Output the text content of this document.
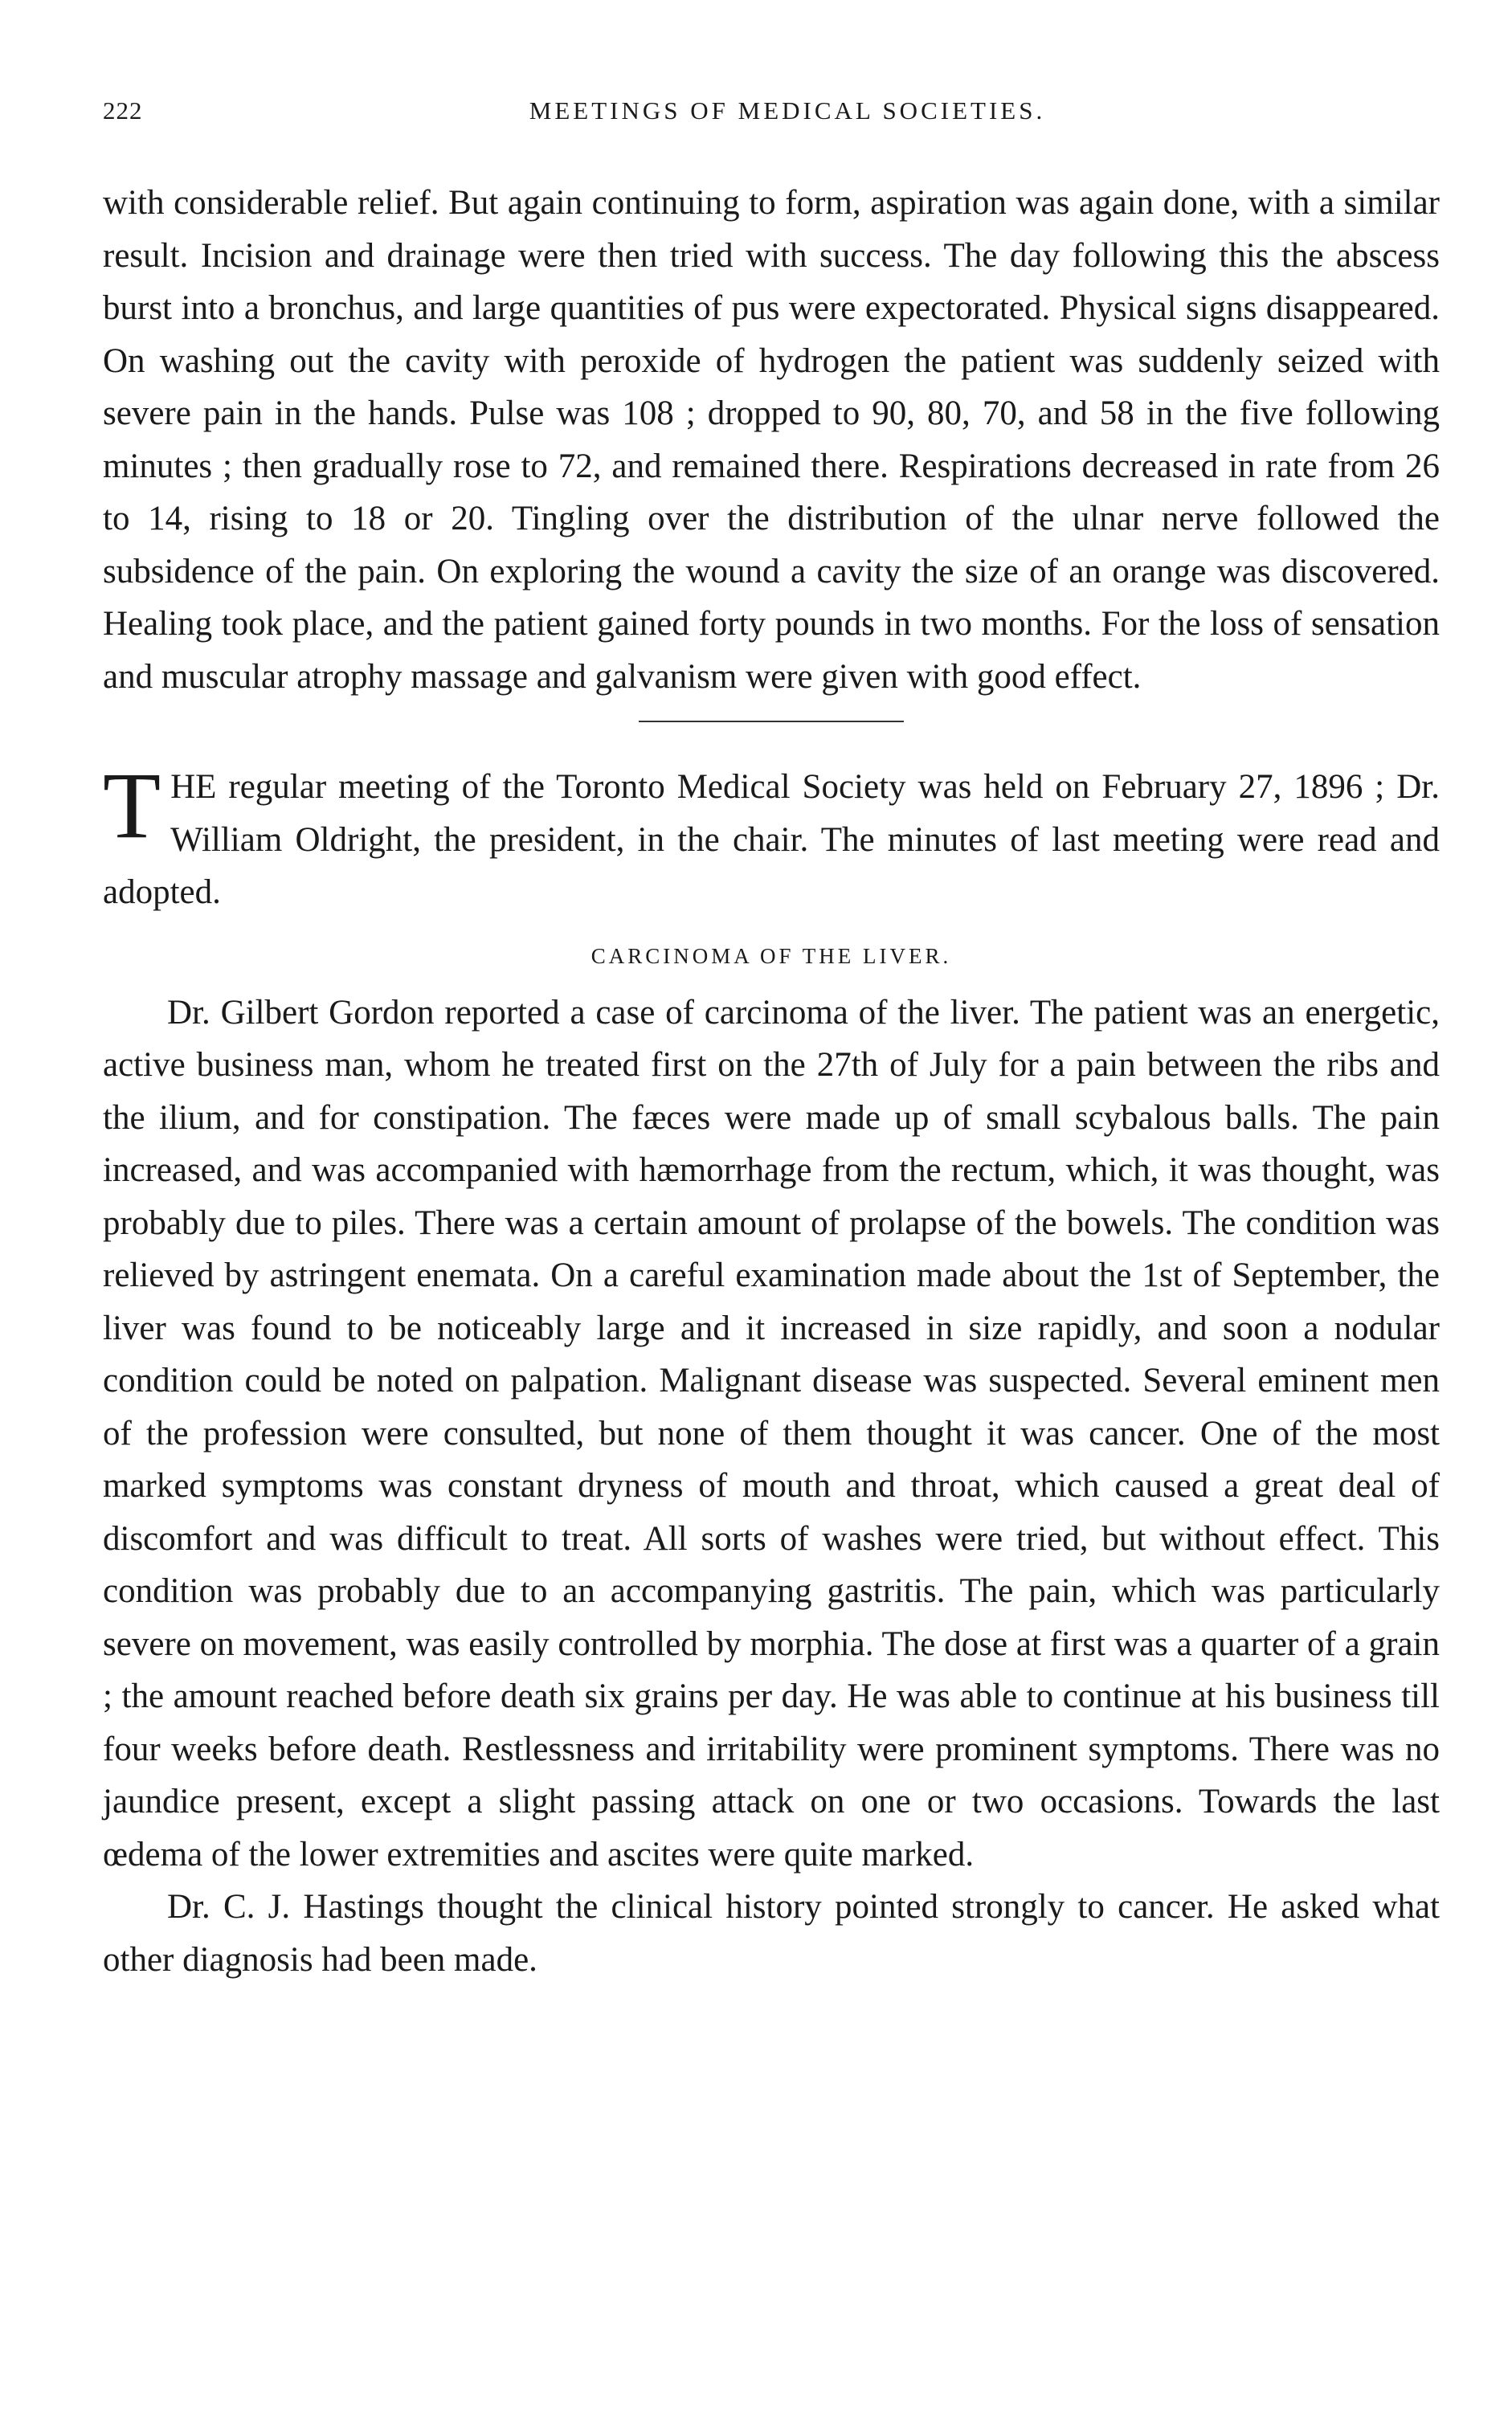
222	MEETINGS OF MEDICAL SOCIETIES.

with considerable relief. But again continuing to form, aspiration was again done, with a similar result. Incision and drainage were then tried with success. The day following this the abscess burst into a bronchus, and large quantities of pus were expectorated. Physical signs disappeared. On washing out the cavity with peroxide of hydrogen the patient was suddenly seized with severe pain in the hands. Pulse was 108 ; dropped to 90, 80, 70, and 58 in the five following minutes ; then gradually rose to 72, and remained there. Respirations decreased in rate from 26 to 14, rising to 18 or 20. Tingling over the distribution of the ulnar nerve followed the subsidence of the pain. On exploring the wound a cavity the size of an orange was discovered. Healing took place, and the patient gained forty pounds in two months. For the loss of sensation and muscular atrophy massage and galvanism were given with good effect.

T HE regular meeting of the Toronto Medical Society was held on February 27, 1896 ; Dr. William Oldright, the president, in the chair. The minutes of last meeting were read and adopted.

CARCINOMA OF THE LIVER.

Dr. Gilbert Gordon reported a case of carcinoma of the liver. The patient was an energetic, active business man, whom he treated first on the 27th of July for a pain between the ribs and the ilium, and for constipation. The fæces were made up of small scybalous balls. The pain increased, and was accompanied with hæmorrhage from the rectum, which, it was thought, was probably due to piles. There was a certain amount of prolapse of the bowels. The condition was relieved by astringent enemata. On a careful examination made about the 1st of September, the liver was found to be noticeably large and it increased in size rapidly, and soon a nodular condition could be noted on palpation. Malignant disease was suspected. Several eminent men of the profession were consulted, but none of them thought it was cancer. One of the most marked symptoms was constant dryness of mouth and throat, which caused a great deal of discomfort and was difficult to treat. All sorts of washes were tried, but without effect. This condition was probably due to an accompanying gastritis. The pain, which was particularly severe on movement, was easily controlled by morphia. The dose at first was a quarter of a grain ; the amount reached before death six grains per day. He was able to continue at his business till four weeks before death. Restlessness and irritability were prominent symptoms. There was no jaundice present, except a slight passing attack on one or two occasions. Towards the last œdema of the lower extremities and ascites were quite marked.

Dr. C. J. Hastings thought the clinical history pointed strongly to cancer. He asked what other diagnosis had been made.
